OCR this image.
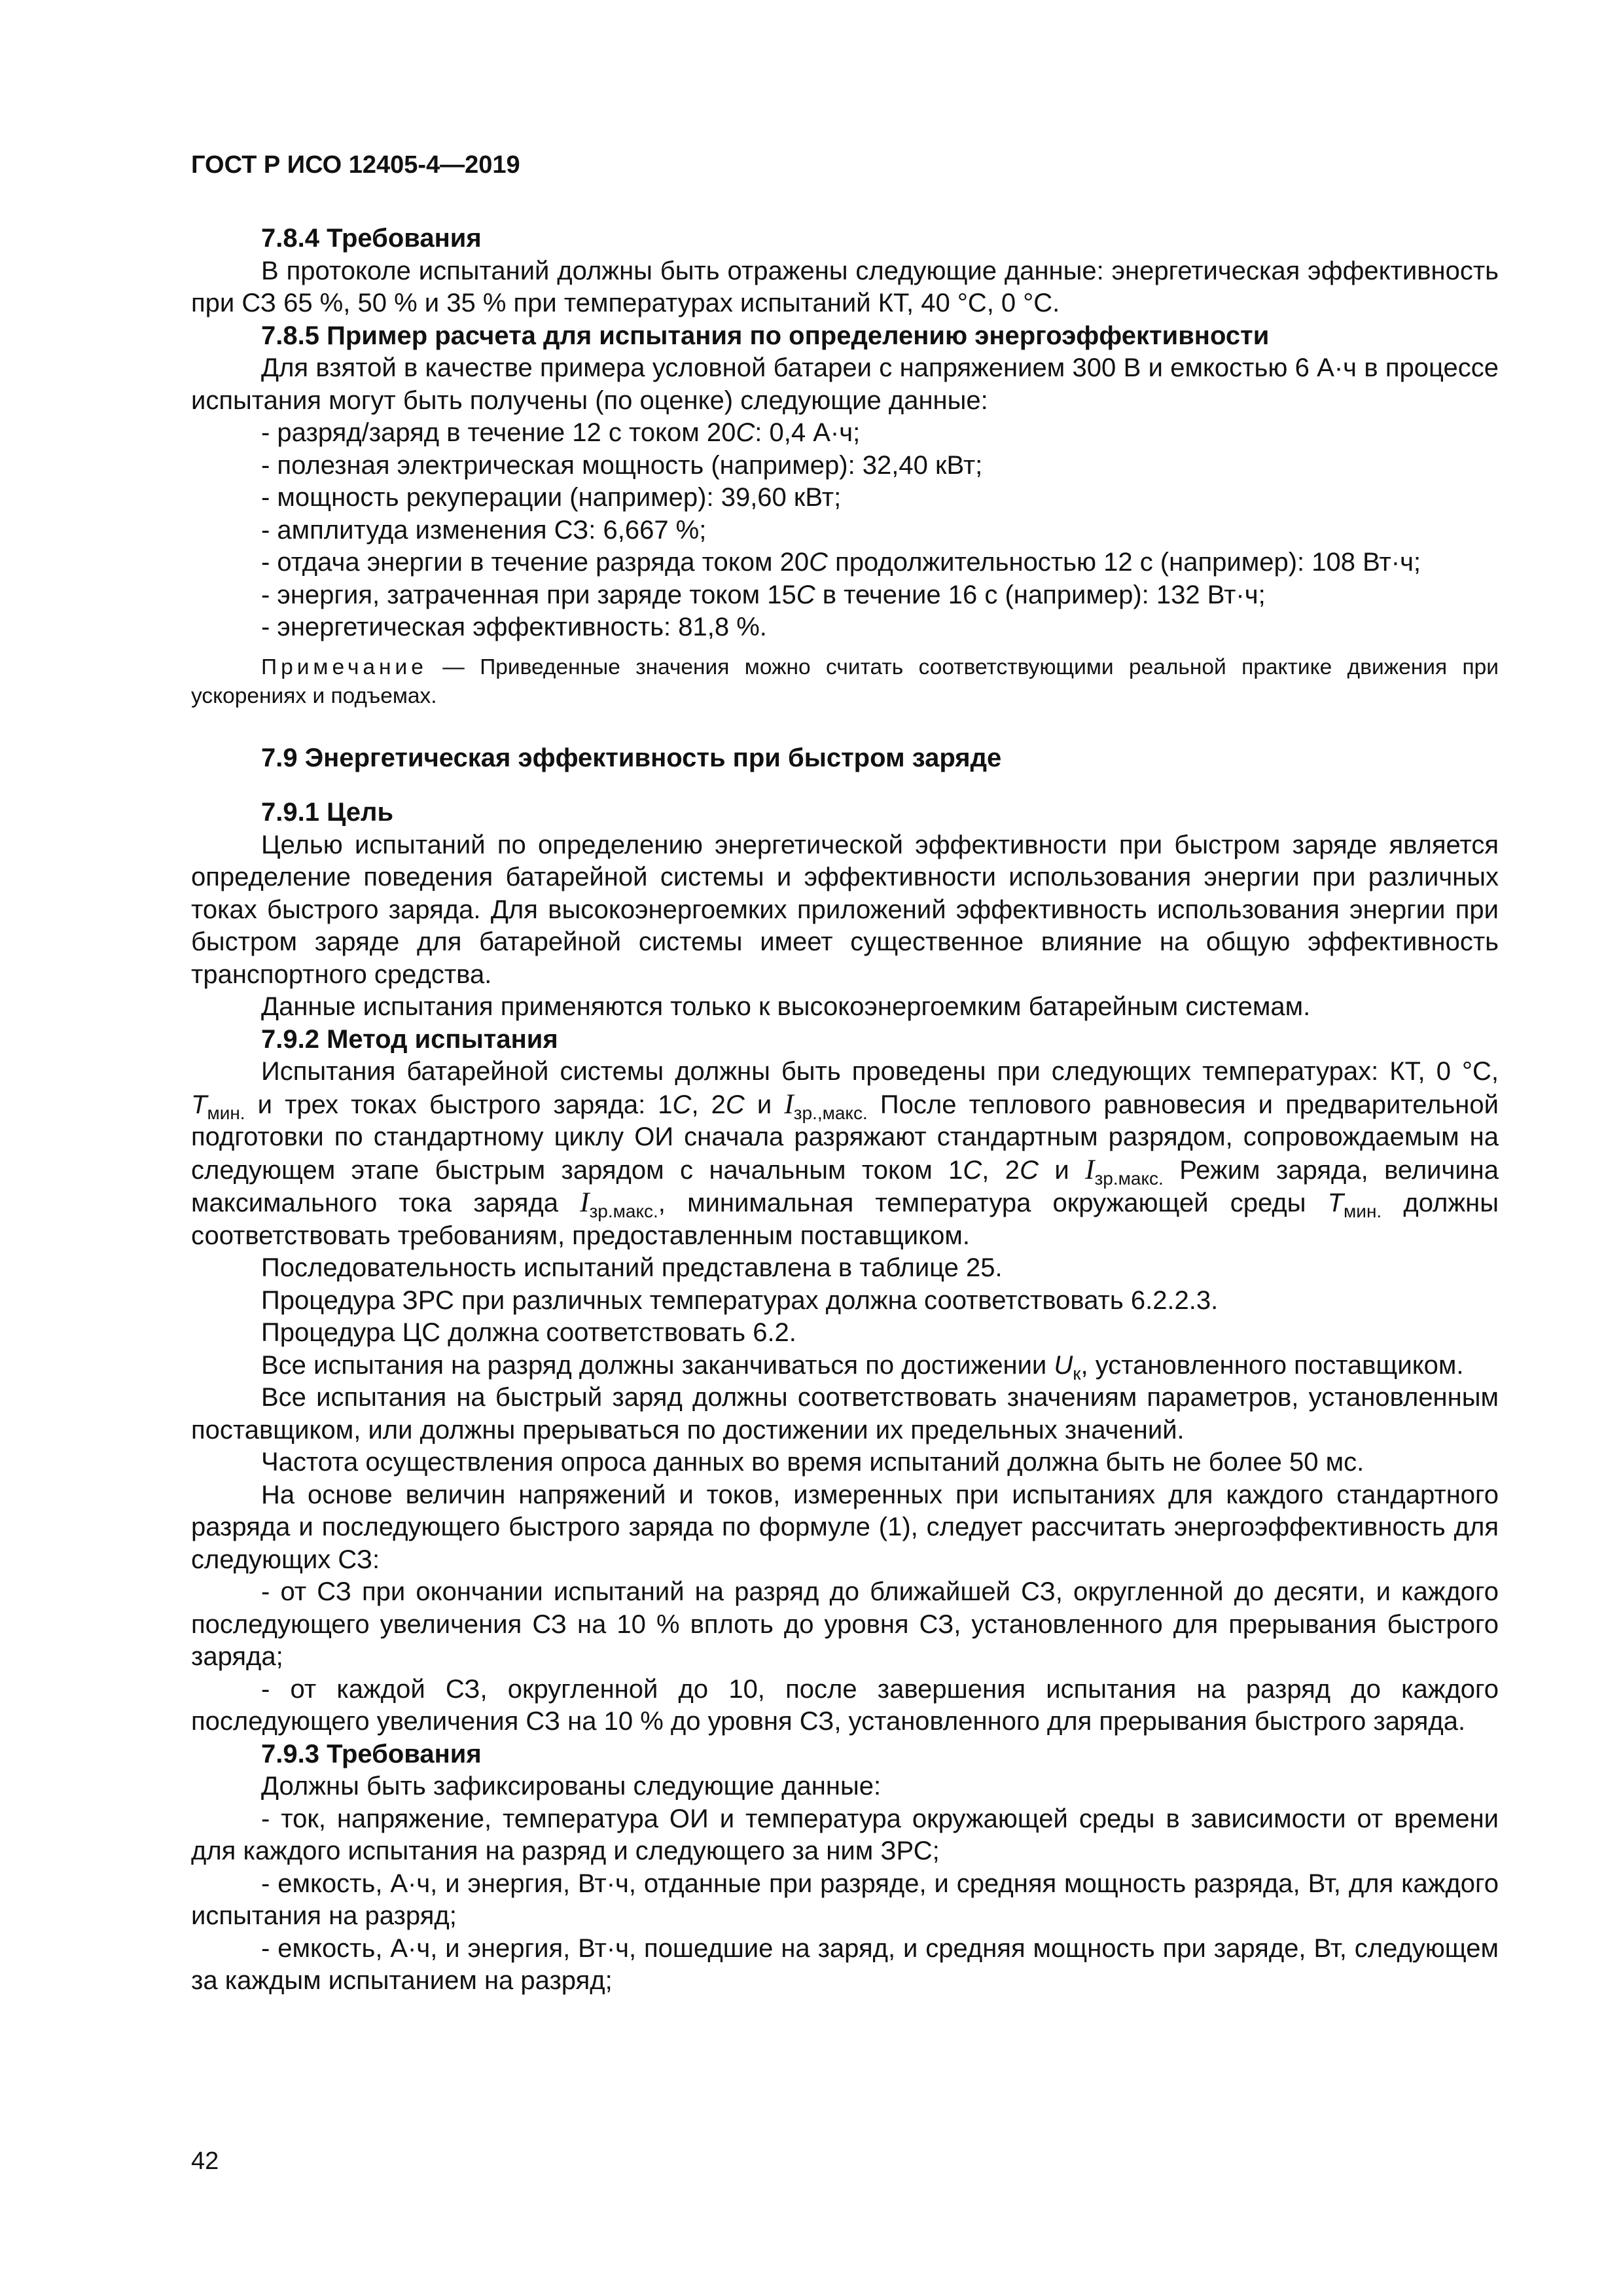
ГОСТ Р ИСО 12405-4—2019

7.8.4 Требования

В протоколе испытаний должны быть отражены следующие данные: энергетическая эффективность при СЗ 65 %, 50 % и 35 % при температурах испытаний КТ, 40 °C, 0 °C.

7.8.5 Пример расчета для испытания по определению энергоэффективности

Для взятой в качестве примера условной батареи с напряжением 300 В и емкостью 6 А·ч в процессе испытания могут быть получены (по оценке) следующие данные:

- разряд/заряд в течение 12 с током 20C: 0,4 А·ч;

- полезная электрическая мощность (например): 32,40 кВт;

- мощность рекуперации (например): 39,60 кВт;

- амплитуда изменения СЗ: 6,667 %;

- отдача энергии в течение разряда током 20C продолжительностью 12 с (например): 108 Вт·ч;

- энергия, затраченная при заряде током 15C в течение 16 с (например): 132 Вт·ч;

- энергетическая эффективность: 81,8 %.

Примечание — Приведенные значения можно считать соответствующими реальной практике движения при ускорениях и подъемах.

7.9 Энергетическая эффективность при быстром заряде

7.9.1 Цель

Целью испытаний по определению энергетической эффективности при быстром заряде является определение поведения батарейной системы и эффективности использования энергии при различных токах быстрого заряда. Для высокоэнергоемких приложений эффективность использования энергии при быстром заряде для батарейной системы имеет существенное влияние на общую эффективность транспортного средства.

Данные испытания применяются только к высокоэнергоемким батарейным системам.

7.9.2 Метод испытания

Испытания батарейной системы должны быть проведены при следующих температурах: КТ, 0 °C, $T_{мин.}$ и трех токах быстрого заряда: 1C, 2C и $I_{зр.,макс.}$ После теплового равновесия и предварительной подготовки по стандартному циклу ОИ сначала разряжают стандартным разрядом, сопровождаемым на следующем этапе быстрым зарядом с начальным током 1C, 2C и $I_{зр.макс.}$ Режим заряда, величина максимального тока заряда $I_{зр.макс.}$, минимальная температура окружающей среды $T_{мин.}$ должны соответствовать требованиям, предоставленным поставщиком.

Последовательность испытаний представлена в таблице 25.

Процедура ЗРС при различных температурах должна соответствовать 6.2.2.3.

Процедура ЦС должна соответствовать 6.2.

Все испытания на разряд должны заканчиваться по достижении $U_к$, установленного поставщиком.

Все испытания на быстрый заряд должны соответствовать значениям параметров, установленным поставщиком, или должны прерываться по достижении их предельных значений.

Частота осуществления опроса данных во время испытаний должна быть не более 50 мс.

На основе величин напряжений и токов, измеренных при испытаниях для каждого стандартного разряда и последующего быстрого заряда по формуле (1), следует рассчитать энергоэффективность для следующих СЗ:

- от СЗ при окончании испытаний на разряд до ближайшей СЗ, округленной до десяти, и каждого последующего увеличения СЗ на 10 % вплоть до уровня СЗ, установленного для прерывания быстрого заряда;

- от каждой СЗ, округленной до 10, после завершения испытания на разряд до каждого последующего увеличения СЗ на 10 % до уровня СЗ, установленного для прерывания быстрого заряда.

7.9.3 Требования

Должны быть зафиксированы следующие данные:

- ток, напряжение, температура ОИ и температура окружающей среды в зависимости от времени для каждого испытания на разряд и следующего за ним ЗРС;

- емкость, А·ч, и энергия, Вт·ч, отданные при разряде, и средняя мощность разряда, Вт, для каждого испытания на разряд;

- емкость, А·ч, и энергия, Вт·ч, пошедшие на заряд, и средняя мощность при заряде, Вт, следующем за каждым испытанием на разряд;

42
